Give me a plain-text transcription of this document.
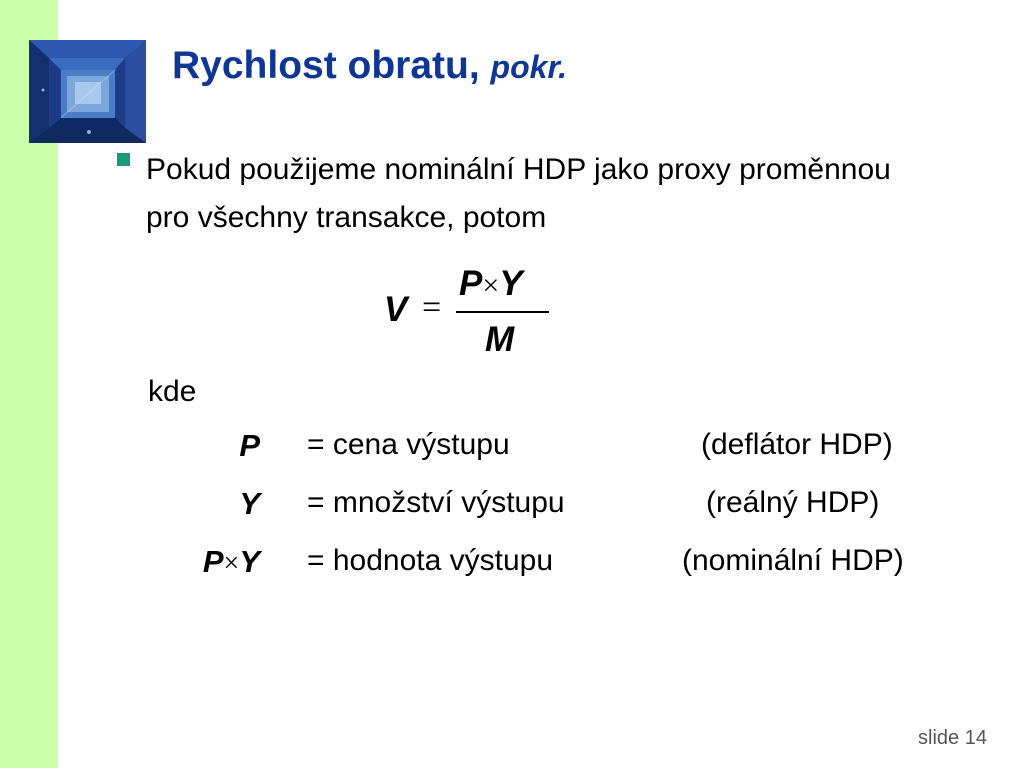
Rychlost obratu, pokr.
Pokud použijeme nominální HDP jako proxy proměnnou pro všechny transakce, potom
V =
P×Y
M
kde
P = cena výstupu	(deflátor HDP)
Y = množství výstupu	(reálný HDP)
P×Y = hodnota výstupu	(nominální HDP)
slide 14
